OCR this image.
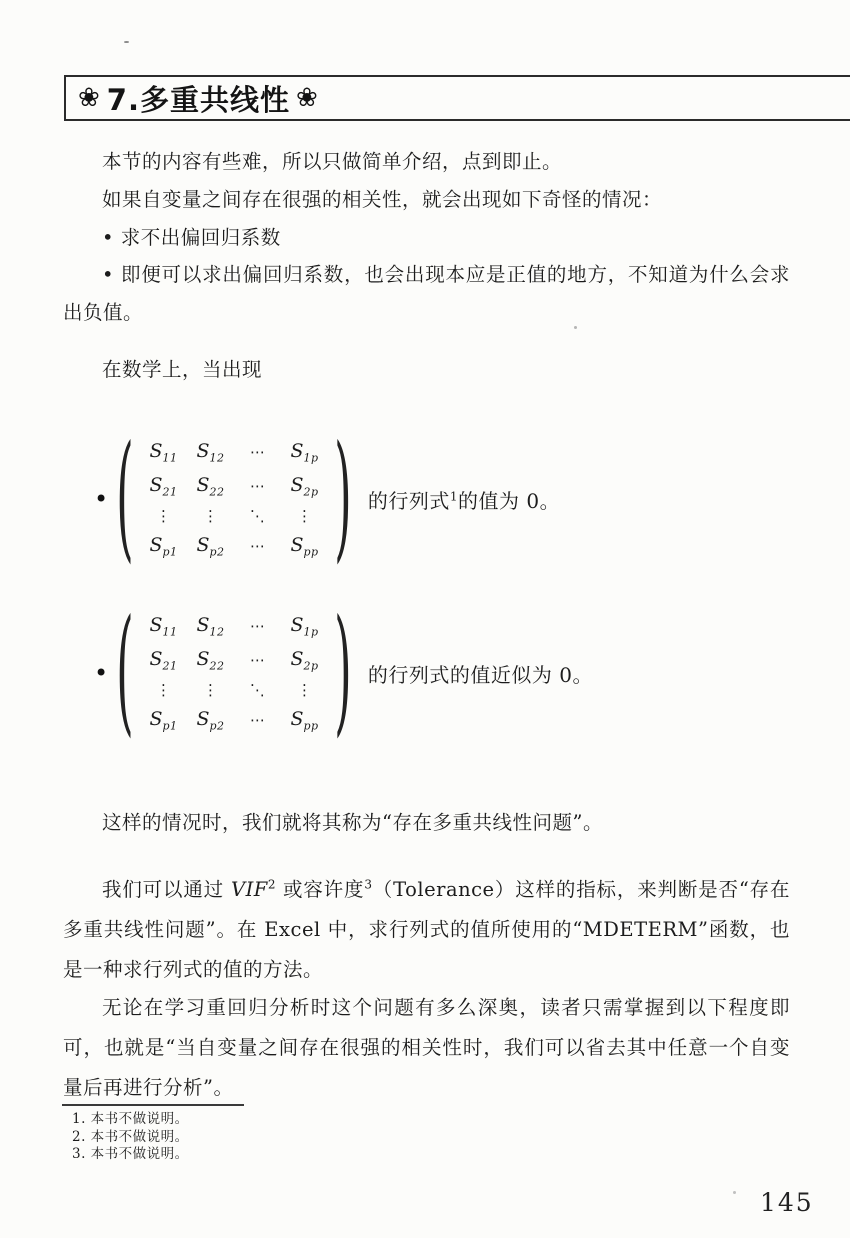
❀ 7.多重共线性 ❀

本节的内容有些难，所以只做简单介绍，点到即止。

如果自变量之间存在很强的相关性，就会出现如下奇怪的情况：

• 求不出偏回归系数

• 即便可以求出偏回归系数，也会出现本应是正值的地方，不知道为什么会求出负值。

在数学上，当出现

• ( $S_{11}$ $S_{12}$ ⋯ $S_{1p}$
$S_{21}$ $S_{22}$ ⋯ $S_{2p}$
⋮ ⋮ ⋱ ⋮
$S_{p1}$ $S_{p2}$ ⋯ $S_{pp}$ ) 的行列式$^1$的值为 0。
• ( $S_{11}$ $S_{12}$ ⋯ $S_{1p}$
$S_{21}$ $S_{22}$ ⋯ $S_{2p}$
⋮ ⋮ ⋱ ⋮
$S_{p1}$ $S_{p2}$ ⋯ $S_{pp}$ ) 的行列式的值近似为 0。

这样的情况时，我们就将其称为“存在多重共线性问题”。

我们可以通过 VIF$^2$ 或容许度$^3$（Tolerance）这样的指标，来判断是否“存在多重共线性问题”。在 Excel 中，求行列式的值所使用的“MDETERM”函数，也是一种求行列式的值的方法。

无论在学习重回归分析时这个问题有多么深奥，读者只需掌握到以下程度即可，也就是“当自变量之间存在很强的相关性时，我们可以省去其中任意一个自变量后再进行分析”。

1. 本书不做说明。
2. 本书不做说明。
3. 本书不做说明。
145
